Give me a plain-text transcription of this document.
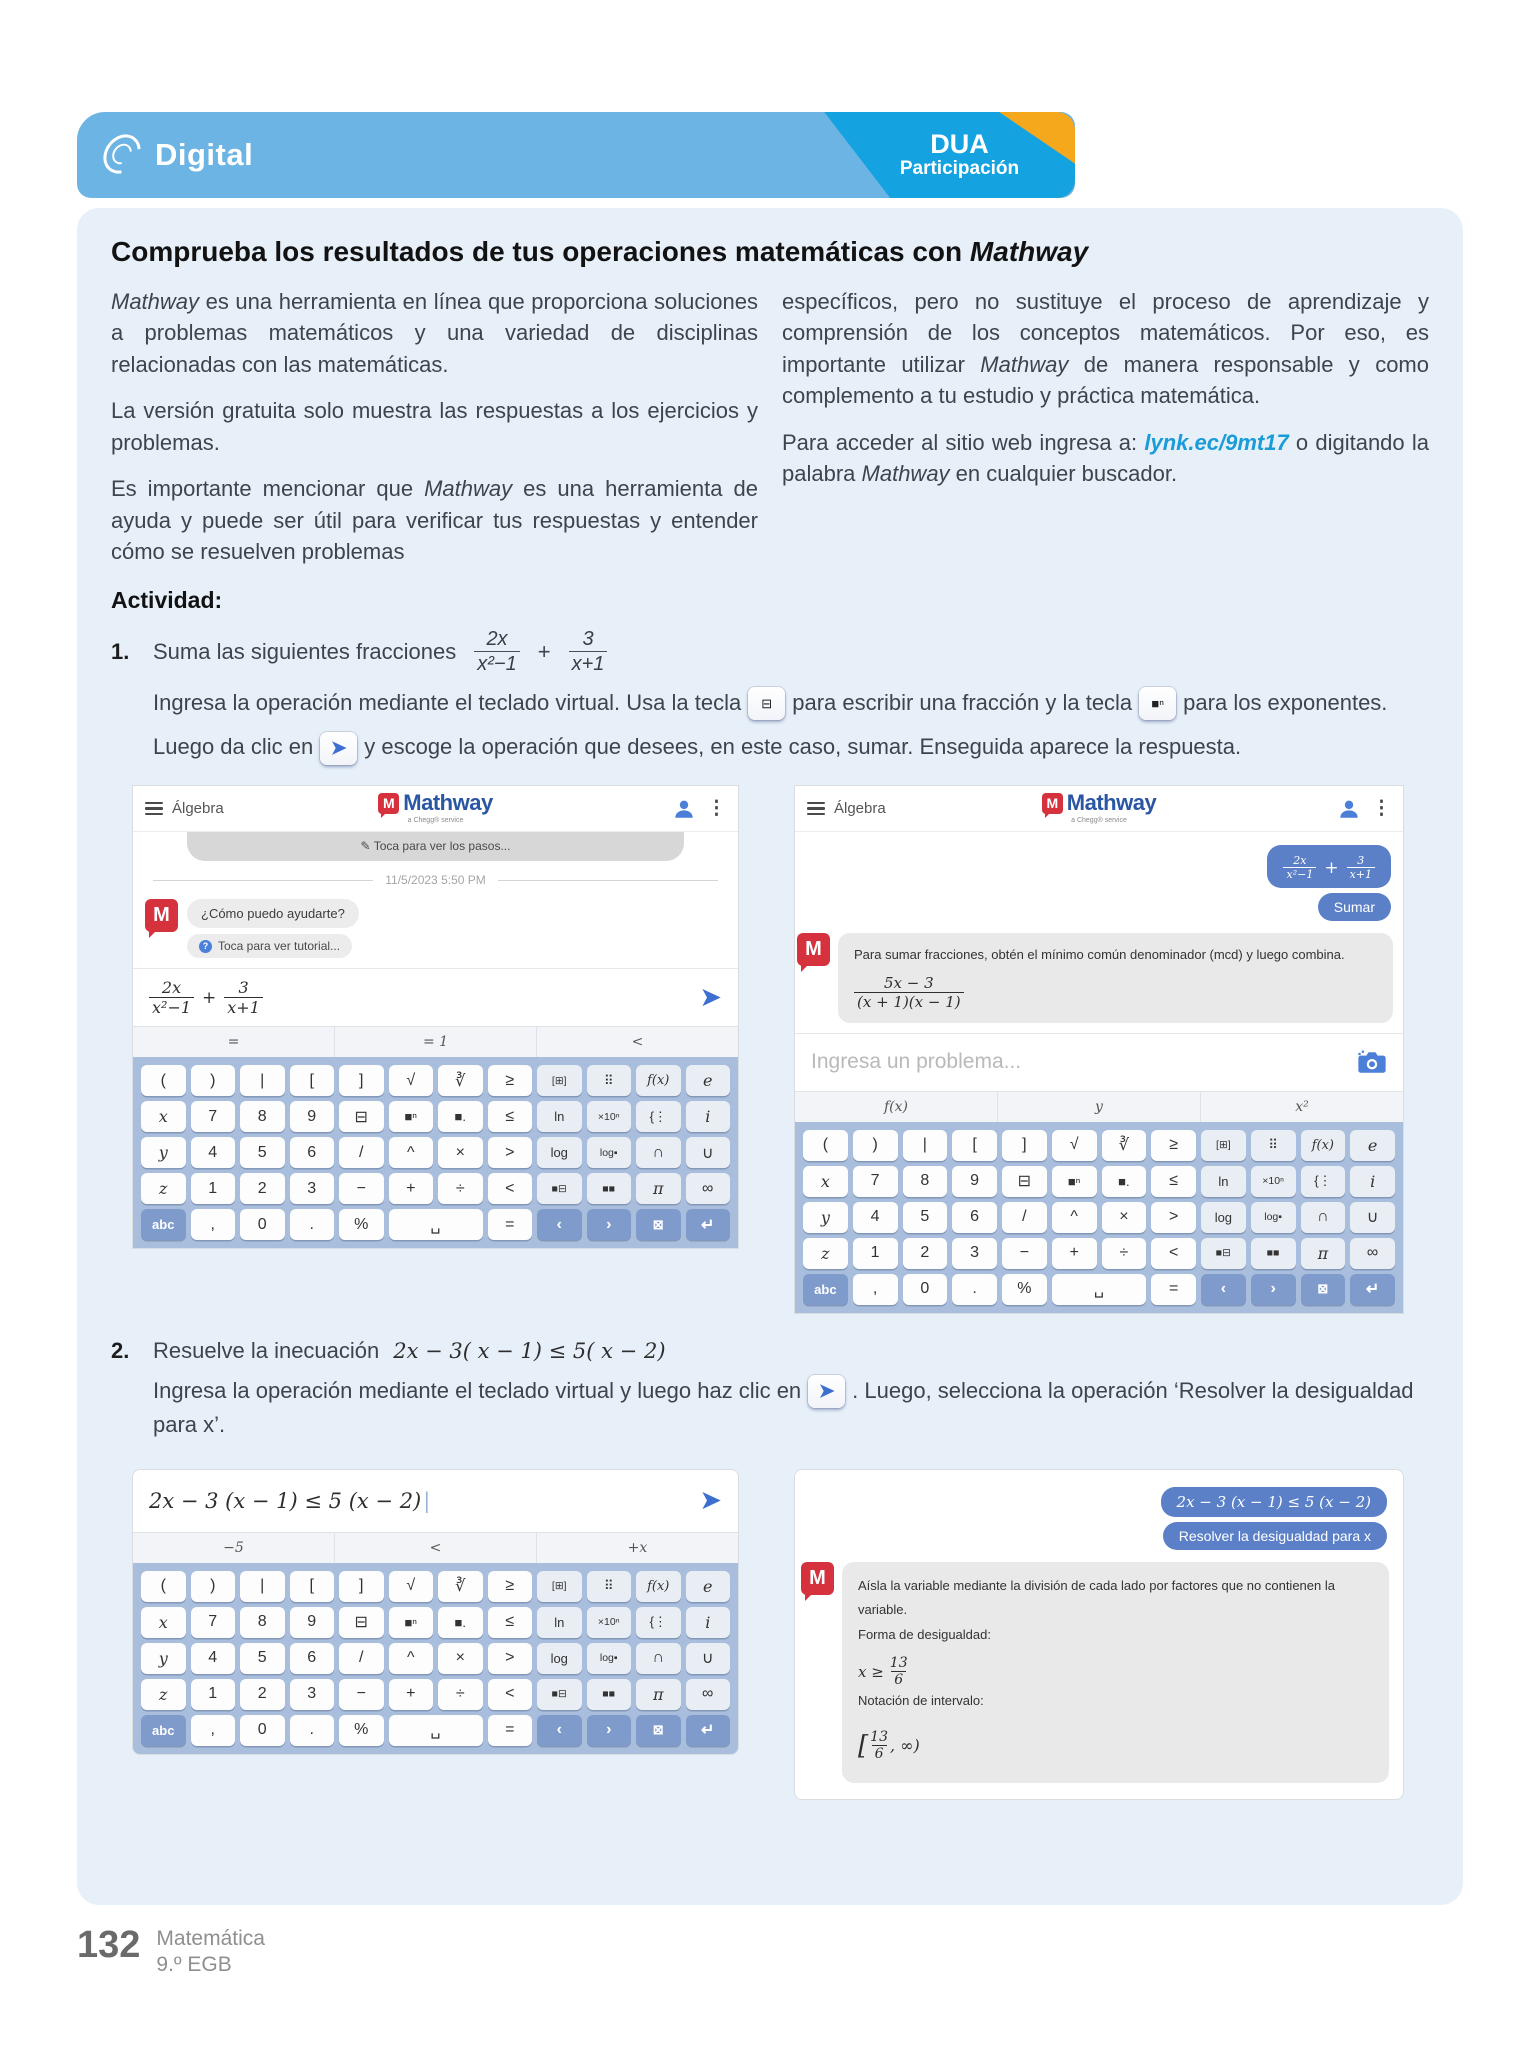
Digital	DUA
Participación
Comprueba los resultados de tus operaciones matemáticas con Mathway

Mathway es una herramienta en línea que proporciona soluciones a problemas matemáticos y una variedad de disciplinas relacionadas con las matemáticas.

La versión gratuita solo muestra las respuestas a los ejercicios y problemas.

Es importante mencionar que Mathway es una herramienta de ayuda y puede ser útil para verificar tus respuestas y entender cómo se resuelven problemas

específicos, pero no sustituye el proceso de aprendizaje y comprensión de los conceptos matemáticos. Por eso, es importante utilizar Mathway de manera responsable y como complemento a tu estudio y práctica matemática.

Para acceder al sitio web ingresa a: lynk.ec/9mt17 o digitando la palabra Mathway en cualquier buscador.

Actividad:
1.	Suma las siguientes fracciones $\frac{2x}{\text{x²−1}} + \frac{3}{x+1}$
Ingresa la operación mediante el teclado virtual. Usa la tecla ⊟ para escribir una fracción y la tecla ■ⁿ para los exponentes.
Luego da clic en ➤ y escoge la operación que desees, en este caso, sumar. Enseguida aparece la respuesta.
Álgebra	M Mathway
a Chegg® service
⋮
✎ Toca para ver los pasos...
11/5/2023 5:50 PM
M	¿Cómo puedo ayudarte?
? Toca para ver tutorial...
2x
$x^2-1 + \frac{3}{x+1}$	➤
=	= 1	<
(	)	|	[	]	√	∛	≥	[⊞]	⠿	f(x)	e
x	7	8	9	⊟	■ⁿ	■.	≤	ln	×10ⁿ	{⋮	i
y	4	5	6	/	^	×	>	log	log▪	∩	∪
z	1	2	3	−	+	÷	<	■⊟	■■	π	∞
abc	,	0	.	%	␣	=	‹	›	⊠	↵
Álgebra	M Mathway
a Chegg® service
⋮
2x
$x^2-1 + \frac{3}{x+1}$
Sumar
M	Para sumar fracciones, obtén el mínimo común denominador (mcd) y luego combina.
$\frac{5x - 3}{(x + 1)(x - 1)}$
Ingresa un problema...
f(x)	y	x²
(	)	|	[	]	√	∛	≥	[⊞]	⠿	f(x)	e
x	7	8	9	⊟	■ⁿ	■.	≤	ln	×10ⁿ	{⋮	i
y	4	5	6	/	^	×	>	log	log▪	∩	∪
z	1	2	3	−	+	÷	<	■⊟	■■	π	∞
abc	,	0	.	%	␣	=	‹	›	⊠	↵
2.	Resuelve la inecuación 2x − 3( x − 1) ≤ 5( x − 2)
Ingresa la operación mediante el teclado virtual y luego haz clic en ➤ . Luego, selecciona la operación ‘Resolver la desigualdad para x’.
2x − 3 (x − 1) ≤ 5 (x − 2)|	➤
−5	<	+x
(	)	|	[	]	√	∛	≥	[⊞]	⠿	f(x)	e
x	7	8	9	⊟	■ⁿ	■.	≤	ln	×10ⁿ	{⋮	i
y	4	5	6	/	^	×	>	log	log▪	∩	∪
z	1	2	3	−	+	÷	<	■⊟	■■	π	∞
abc	,	0	.	%	␣	=	‹	›	⊠	↵
2x − 3 (x − 1) ≤ 5 (x − 2)
Resolver la desigualdad para x
M	Aísla la variable mediante la división de cada lado por factores que no contienen la variable.
Forma de desigualdad:
$x \ge \frac{13}{6}$
Notación de intervalo:
[ 13
6 , ∞)
132 Matemática
9.º EGB
